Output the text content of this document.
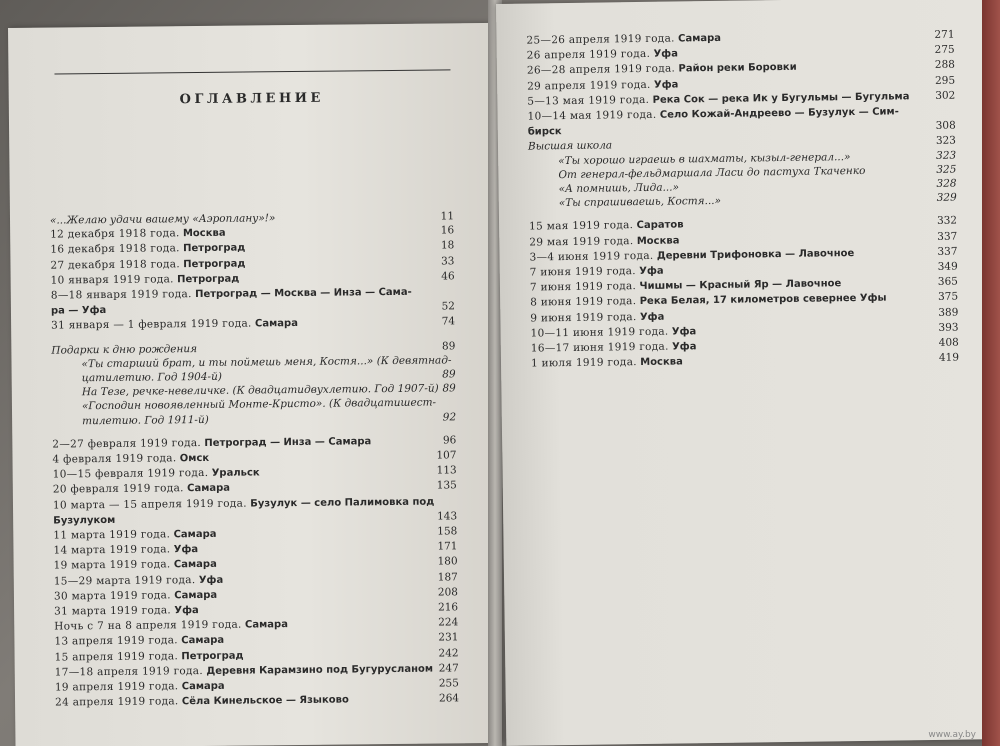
ОГЛАВЛЕНИЕ
«...Желаю удачи вашему «Аэроплану»!»	11
12 декабря 1918 года. Москва	16
16 декабря 1918 года. Петроград	18
27 декабря 1918 года. Петроград	33
10 января 1919 года. Петроград	46
8—18 января 1919 года. Петроград — Москва — Инза — Сама-
ра — Уфа	52
31 января — 1 февраля 1919 года. Самара	74
Подарки к дню рождения	89
«Ты старший брат, и ты поймешь меня, Костя...» (К девятнад-
цатилетию. Год 1904-й)	89
На Тезе, речке-невеличке. (К двадцатидвухлетию. Год 1907-й) 89
«Господин новоявленный Монте-Кристо». (К двадцатишест-
тилетию. Год 1911-й)	92
2—27 февраля 1919 года. Петроград — Инза — Самара	96
4 февраля 1919 года. Омск	107
10—15 февраля 1919 года. Уральск	113
20 февраля 1919 года. Самара	135
10 марта — 15 апреля 1919 года. Бузулук — село Палимовка под
Бузулуком	143
11 марта 1919 года. Самара	158
14 марта 1919 года. Уфа	171
19 марта 1919 года. Самара	180
15—29 марта 1919 года. Уфа	187
30 марта 1919 года. Самара	208
31 марта 1919 года. Уфа	216
Ночь с 7 на 8 апреля 1919 года. Самара	224
13 апреля 1919 года. Самара	231
15 апреля 1919 года. Петроград	242
17—18 апреля 1919 года. Деревня Карамзино под Бугурусланом 247
19 апреля 1919 года. Самара	255
24 апреля 1919 года. Сёла Кинельское — Языково	264
25—26 апреля 1919 года. Самара	271
26 апреля 1919 года. Уфа	275
26—28 апреля 1919 года. Район реки Боровки	288
29 апреля 1919 года. Уфа	295
5—13 мая 1919 года. Река Сок — река Ик у Бугульмы — Бугульма 302
10—14 мая 1919 года. Село Кожай-Андреево — Бузулук — Сим-
бирск	308
Высшая школа	323
«Ты хорошо играешь в шахматы, кызыл-генерал...»	323
От генерал-фельдмаршала Ласи до пастуха Ткаченко	325
«А помнишь, Лида...»	328
«Ты спрашиваешь, Костя...»	329
15 мая 1919 года. Саратов	332
29 мая 1919 года. Москва	337
3—4 июня 1919 года. Деревни Трифоновка — Лавочное	337
7 июня 1919 года. Уфа	349
7 июня 1919 года. Чишмы — Красный Яр — Лавочное	365
8 июня 1919 года. Река Белая, 17 километров севернее Уфы	375
9 июня 1919 года. Уфа	389
10—11 июня 1919 года. Уфа	393
16—17 июня 1919 года. Уфа	408
1 июля 1919 года. Москва	419
www.ay.by
